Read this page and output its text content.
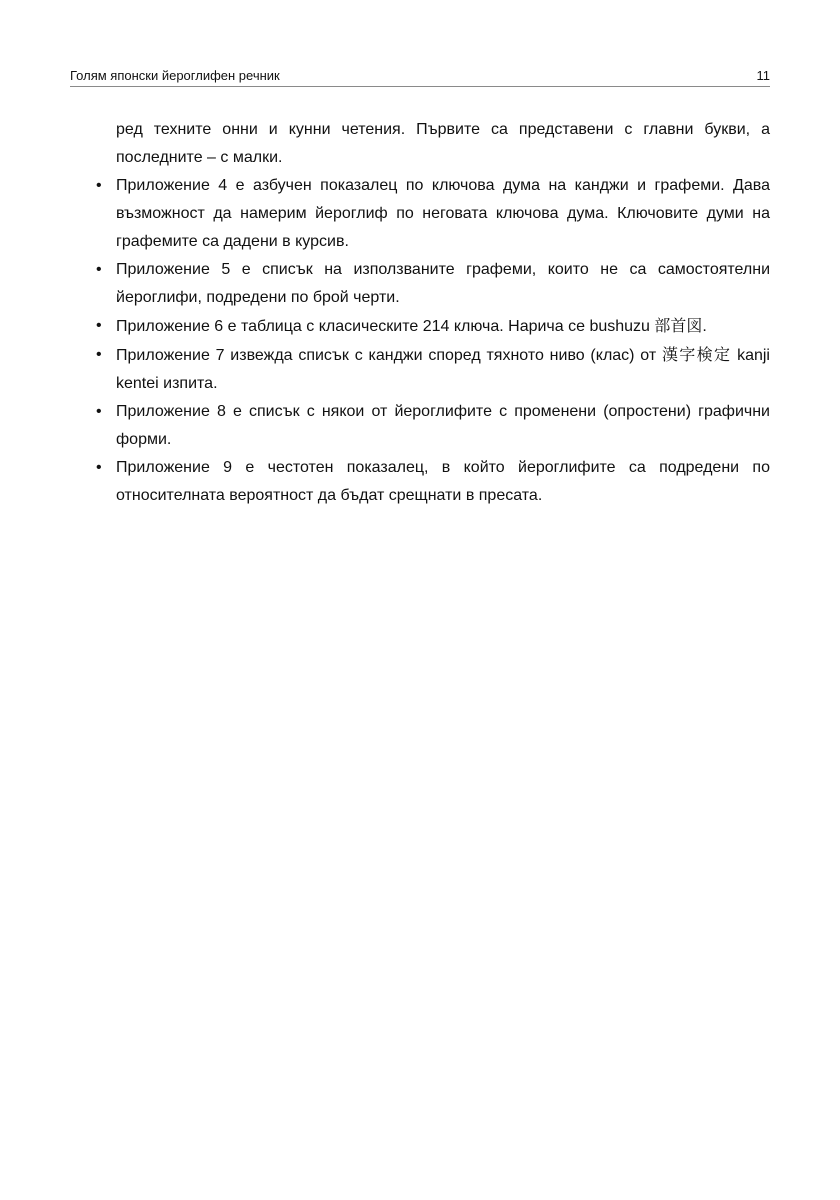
Голям японски йероглифен речник	11

ред техните онни и кунни четения. Първите са представени с главни букви, а последните – с малки.

• Приложение 4 е азбучен показалец по ключова дума на канджи и графеми. Дава възможност да намерим йероглиф по неговата ключова дума. Ключовите думи на графемите са дадени в курсив.
• Приложение 5 е списък на използваните графеми, които не са самостоятелни йероглифи, подредени по брой черти.
• Приложение 6 е таблица с класическите 214 ключа. Нарича се bushuzu 部首図.
• Приложение 7 извежда списък с канджи според тяхното ниво (клас) от 漢字検定 kanji kentei изпита.
• Приложение 8 е списък с някои от йероглифите с променени (опростени) графични форми.
• Приложение 9 е честотен показалец, в който йероглифите са подредени по относителната вероятност да бъдат срещнати в пресата.
